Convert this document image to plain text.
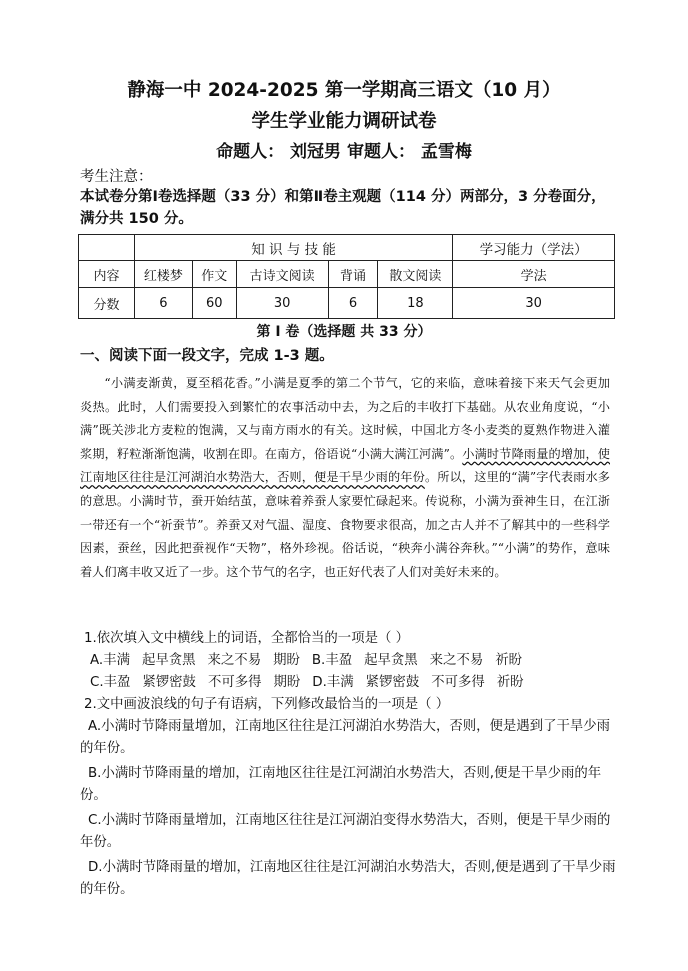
静海一中 2024-2025 第一学期高三语文（10 月）
学生学业能力调研试卷
命题人： 刘冠男 审题人： 孟雪梅
考生注意：
本试卷分第Ⅰ卷选择题（33 分）和第Ⅱ卷主观题（114 分）两部分，3 分卷面分，满分共 150 分。
	知 识 与 技 能					学习能力（学法）
内容	红楼梦	作文	古诗文阅读	背诵	散文阅读	学法
分数	6	60	30	6	18	30
第 Ⅰ 卷（选择题 共 33 分）
一、阅读下面一段文字，完成 1-3 题。

“小满麦渐黄，夏至稻花香。”小满是夏季的第二个节气，它的来临，意味着接下来天气会更加炎热。此时，人们需要投入到繁忙的农事活动中去，为之后的丰收打下基础。从农业角度说，“小满”既关涉北方麦粒的饱满，又与南方雨水的有关。这时候，中国北方冬小麦类的夏熟作物进入灌浆期，籽粒渐渐饱满，收割在即。在南方，俗语说“小满大满江河满”。小满时节降雨量的增加，使江南地区往往是江河湖泊水势浩大，否则，便是干旱少雨的年份。所以，这里的“满”字代表雨水多的意思。小满时节，蚕开始结茧，意味着养蚕人家要忙碌起来。传说称，小满为蚕神生日，在江浙一带还有一个“祈蚕节”。养蚕又对气温、湿度、食物要求很高，加之古人并不了解其中的一些科学因素，蚕丝，因此把蚕视作“天物”，格外珍视。俗话说，“秧奔小满谷奔秋。”“小满”的势作，意味着人们离丰收又近了一步。这个节气的名字，也正好代表了人们对美好未来的。

1.依次填入文中横线上的词语，全都恰当的一项是（ ）
A.丰满 起早贪黑 来之不易 期盼 B.丰盈 起早贪黑 来之不易 祈盼
C.丰盈 紧锣密鼓 不可多得 期盼 D.丰满 紧锣密鼓 不可多得 祈盼
2.文中画波浪线的句子有语病，下列修改最恰当的一项是（ ）
A.小满时节降雨量增加，江南地区往往是江河湖泊水势浩大，否则，便是遇到了干旱少雨的年份。
B.小满时节降雨量的增加，江南地区往往是江河湖泊水势浩大，否则,便是干旱少雨的年份。
C.小满时节降雨量增加，江南地区往往是江河湖泊变得水势浩大，否则，便是干旱少雨的年份。
D.小满时节降雨量的增加，江南地区往往是江河湖泊水势浩大，否则,便是遇到了干旱少雨的年份。
